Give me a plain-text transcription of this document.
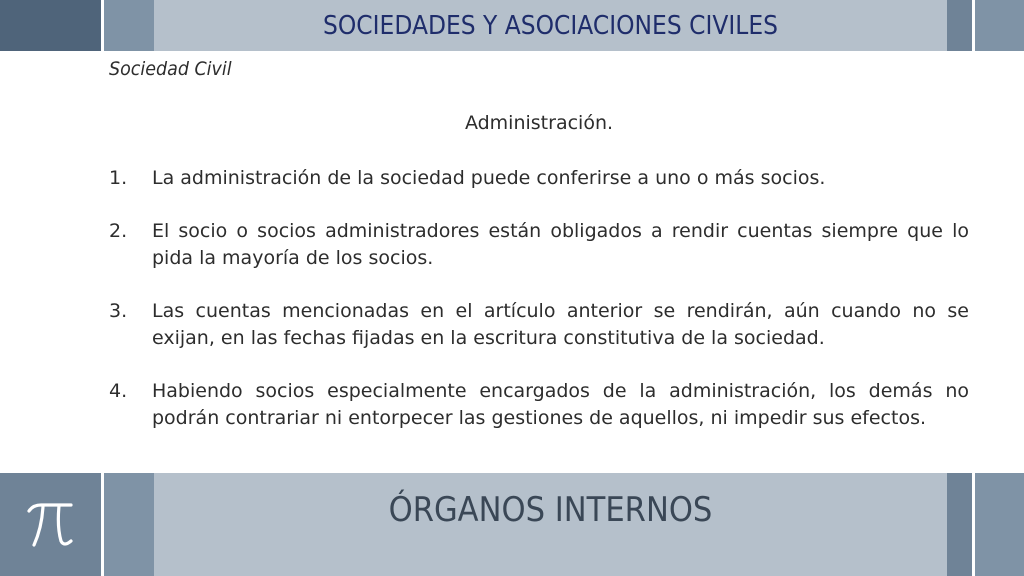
SOCIEDADES Y ASOCIACIONES CIVILES
Sociedad Civil
Administración.
1.	La administración de la sociedad puede conferirse a uno o más socios.
2.	El socio o socios administradores están obligados a rendir cuentas siempre que lo pida la mayoría de los socios.
3.	Las cuentas mencionadas en el artículo anterior se rendirán, aún cuando no se exijan, en las fechas fijadas en la escritura constitutiva de la sociedad.
4.	Habiendo socios especialmente encargados de la administración, los demás no podrán contrariar ni entorpecer las gestiones de aquellos, ni impedir sus efectos.
ÓRGANOS INTERNOS
